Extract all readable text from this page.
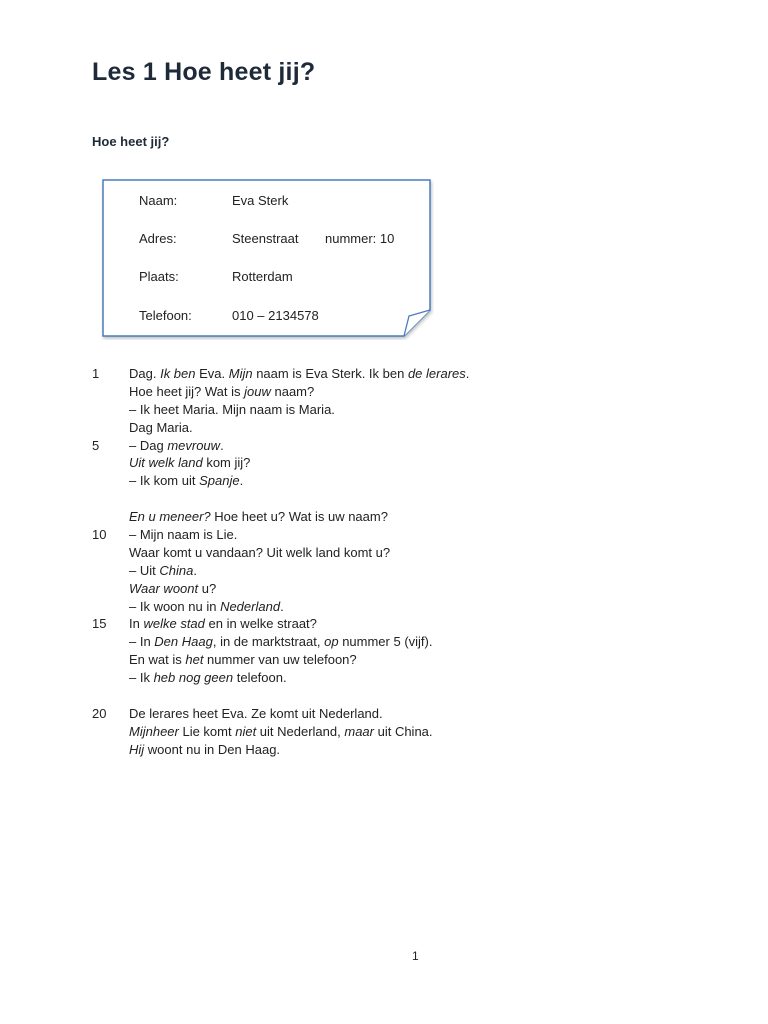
Les 1 Hoe heet jij?
Hoe heet jij?
Naam:	Eva Sterk
Adres:	Steenstraat nummer: 10
Plaats:	Rotterdam
Telefoon:	010 – 2134578
1	Dag. Ik ben Eva. Mijn naam is Eva Sterk. Ik ben de lerares.
Hoe heet jij? Wat is jouw naam?
– Ik heet Maria. Mijn naam is Maria.
Dag Maria.
5	– Dag mevrouw.
Uit welk land kom jij?
– Ik kom uit Spanje.
En u meneer? Hoe heet u? Wat is uw naam?
10	– Mijn naam is Lie.
Waar komt u vandaan? Uit welk land komt u?
– Uit China.
Waar woont u?
– Ik woon nu in Nederland.
15	In welke stad en in welke straat?
– In Den Haag, in de marktstraat, op nummer 5 (vijf).
En wat is het nummer van uw telefoon?
– Ik heb nog geen telefoon.
20	De lerares heet Eva. Ze komt uit Nederland.
Mijnheer Lie komt niet uit Nederland, maar uit China.
Hij woont nu in Den Haag.
1
